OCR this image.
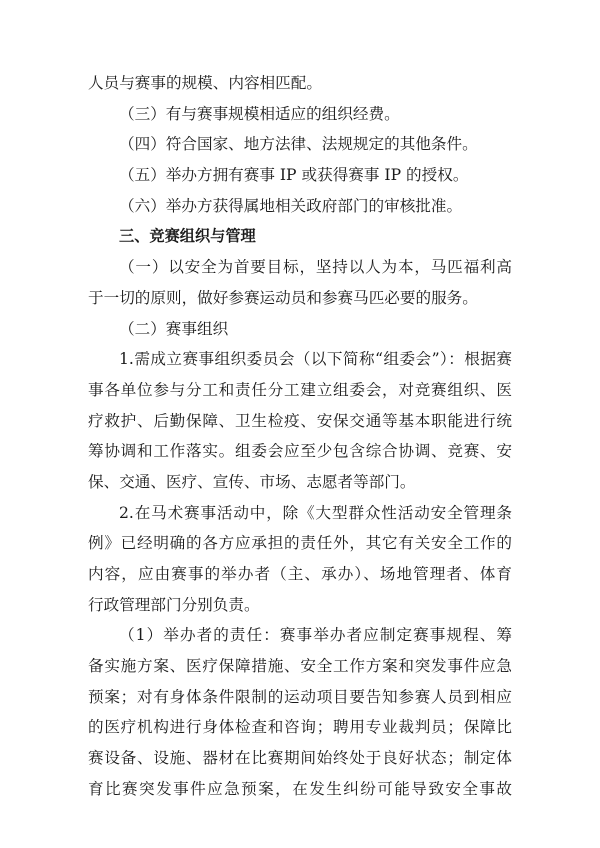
人员与赛事的规模、内容相匹配。
（三）有与赛事规模相适应的组织经费。
（四）符合国家、地方法律、法规规定的其他条件。
（五）举办方拥有赛事 IP 或获得赛事 IP 的授权。
（六）举办方获得属地相关政府部门的审核批准。
三、竞赛组织与管理
（一）以安全为首要目标，坚持以人为本，马匹福利高
于一切的原则，做好参赛运动员和参赛马匹必要的服务。
（二）赛事组织
1.需成立赛事组织委员会（以下简称“组委会”）：根据赛
事各单位参与分工和责任分工建立组委会，对竞赛组织、医
疗救护、后勤保障、卫生检疫、安保交通等基本职能进行统
筹协调和工作落实。组委会应至少包含综合协调、竞赛、安
保、交通、医疗、宣传、市场、志愿者等部门。
2.在马术赛事活动中，除《大型群众性活动安全管理条
例》已经明确的各方应承担的责任外，其它有关安全工作的
内容，应由赛事的举办者（主、承办）、场地管理者、体育
行政管理部门分别负责。
（1）举办者的责任：赛事举办者应制定赛事规程、筹
备实施方案、医疗保障措施、安全工作方案和突发事件应急
预案；对有身体条件限制的运动项目要告知参赛人员到相应
的医疗机构进行身体检查和咨询；聘用专业裁判员；保障比
赛设备、设施、器材在比赛期间始终处于良好状态；制定体
育比赛突发事件应急预案，在发生纠纷可能导致安全事故
